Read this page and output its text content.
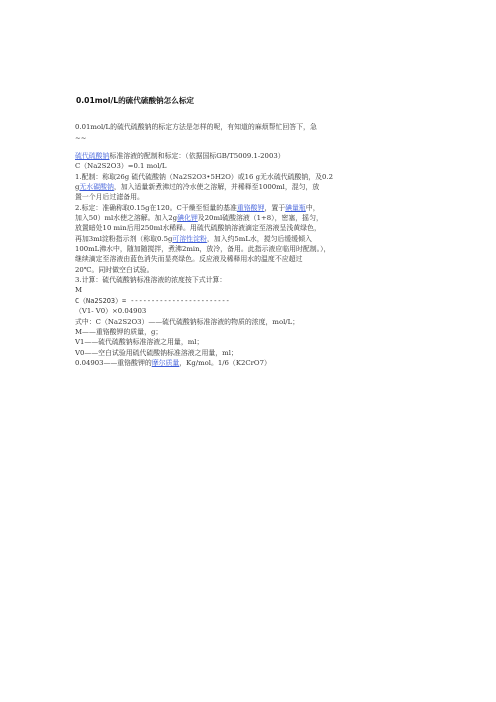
0.01mol/L的硫代硫酸钠怎么标定
0.01mol/L的硫代硫酸钠的标定方法是怎样的呢，有知道的麻烦帮忙回答下，急
~~
硫代硫酸钠标准溶液的配制和标定：（依据国标GB/T5009.1-2003）
C（Na2S2O3）=0.1 mol/L
1.配制：称取26g 硫代硫酸钠（Na2S2O3•5H2O）或16 g无水硫代硫酸钠，及0.2
g无水碳酸钠，加入适量新煮沸过的冷水使之溶解，并稀释至1000ml，混匀，放
置一个月后过滤备用。
2.标定：准确称取0.15g在120。C干燥至恒量的基准重铬酸钾，置于碘量瓶中，
加入50）ml水使之溶解。加入2g碘化钾及20ml硫酸溶液（1+8），密塞，摇匀，
放置暗处10 min后用250ml水稀释。用硫代硫酸钠溶液滴定至溶液呈浅黄绿色，
再加3ml淀粉指示剂（称取0.5g可溶性淀粉，加入约5mL水，搅匀后缓缓倾入
100mL沸水中，随加随搅拌，煮沸2min，放冷，备用。此指示液应临用时配制。），
继续滴定至溶液由蓝色消失而显亮绿色。反应液及稀释用水的温度不应超过
20℃。同时做空白试验。
3.计算：硫代硫酸钠标准溶液的浓度按下式计算：
M
C（Na2S2O3）= ------------------------
（V1- V0）×0.04903
式中：C（Na2S2O3）——硫代硫酸钠标准溶液的物质的浓度，mol/L；
M——重铬酸钾的质量，g；
V1——硫代硫酸钠标准溶液之用量，ml；
V0——空白试验用硫代硫酸钠标准溶液之用量，ml；
0.04903——重铬酸钾的摩尔质量，Kg/mol。1/6（K2CrO7）
